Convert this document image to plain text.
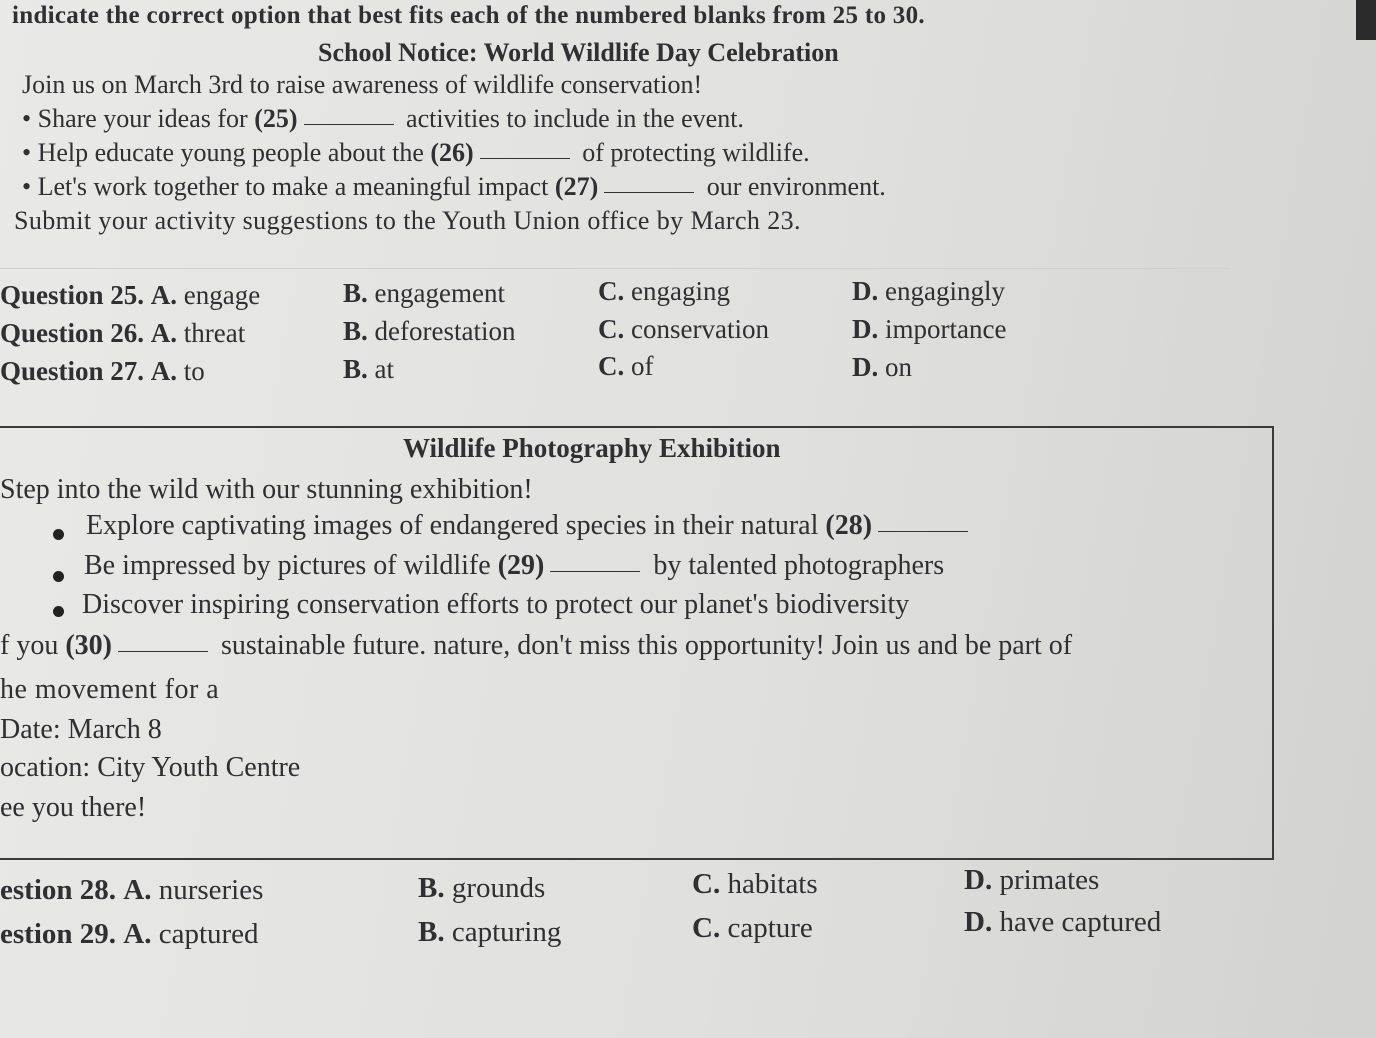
indicate the correct option that best fits each of the numbered blanks from 25 to 30.
School Notice: World Wildlife Day Celebration
Join us on March 3rd to raise awareness of wildlife conservation!
• Share your ideas for (25)	activities to include in the event.
• Help educate young people about the (26)	of protecting wildlife.
• Let's work together to make a meaningful impact (27)	our environment.
Submit your activity suggestions to the Youth Union office by March 23.
Question 25. A. engage	B. engagement	C. engaging	D. engagingly
Question 26. A. threat	B. deforestation	C. conservation	D. importance
Question 27. A. to	B. at	C. of	D. on
Wildlife Photography Exhibition
Step into the wild with our stunning exhibition!
Explore captivating images of endangered species in their natural (28)
Be impressed by pictures of wildlife (29)	by talented photographers
Discover inspiring conservation efforts to protect our planet's biodiversity
f you (30)	sustainable future. nature, don't miss this opportunity! Join us and be part of
he movement for a
Date: March 8
ocation: City Youth Centre
ee you there!
estion 28. A. nurseries	B. grounds	C. habitats	D. primates
estion 29. A. captured	B. capturing	C. capture	D. have captured
